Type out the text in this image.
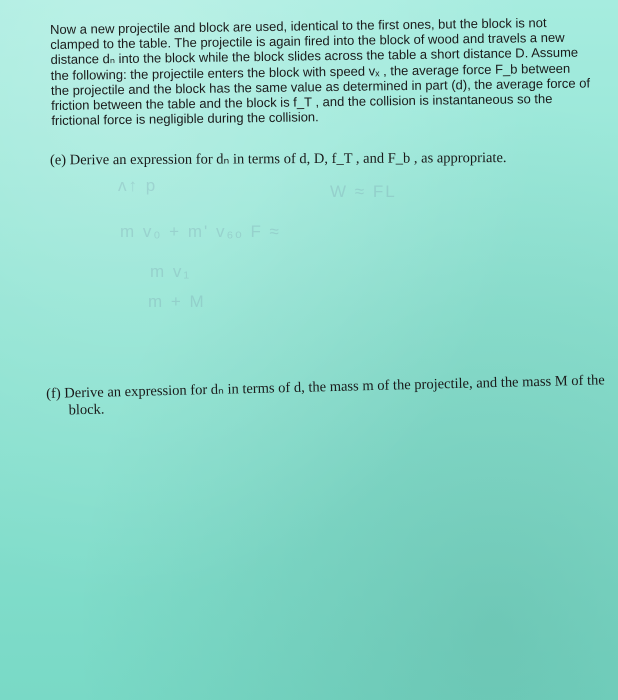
Now a new projectile and block are used, identical to the first ones, but the block is not clamped to the table. The projectile is again fired into the block of wood and travels a new distance dₙ into the block while the block slides across the table a short distance D. Assume the following: the projectile enters the block with speed vₓ , the average force F_b between the projectile and the block has the same value as determined in part (d), the average force of friction between the table and the block is f_T , and the collision is instantaneous so the frictional force is negligible during the collision.
(e) Derive an expression for dₙ in terms of d, D, f_T , and F_b , as appropriate.
ʌ↑ p	W ≈ FL
m v₀ + m' v₆ₒ F ≈
m v₁
m + M
(f) Derive an expression for dₙ in terms of d, the mass m of the projectile, and the mass M of the
block.
